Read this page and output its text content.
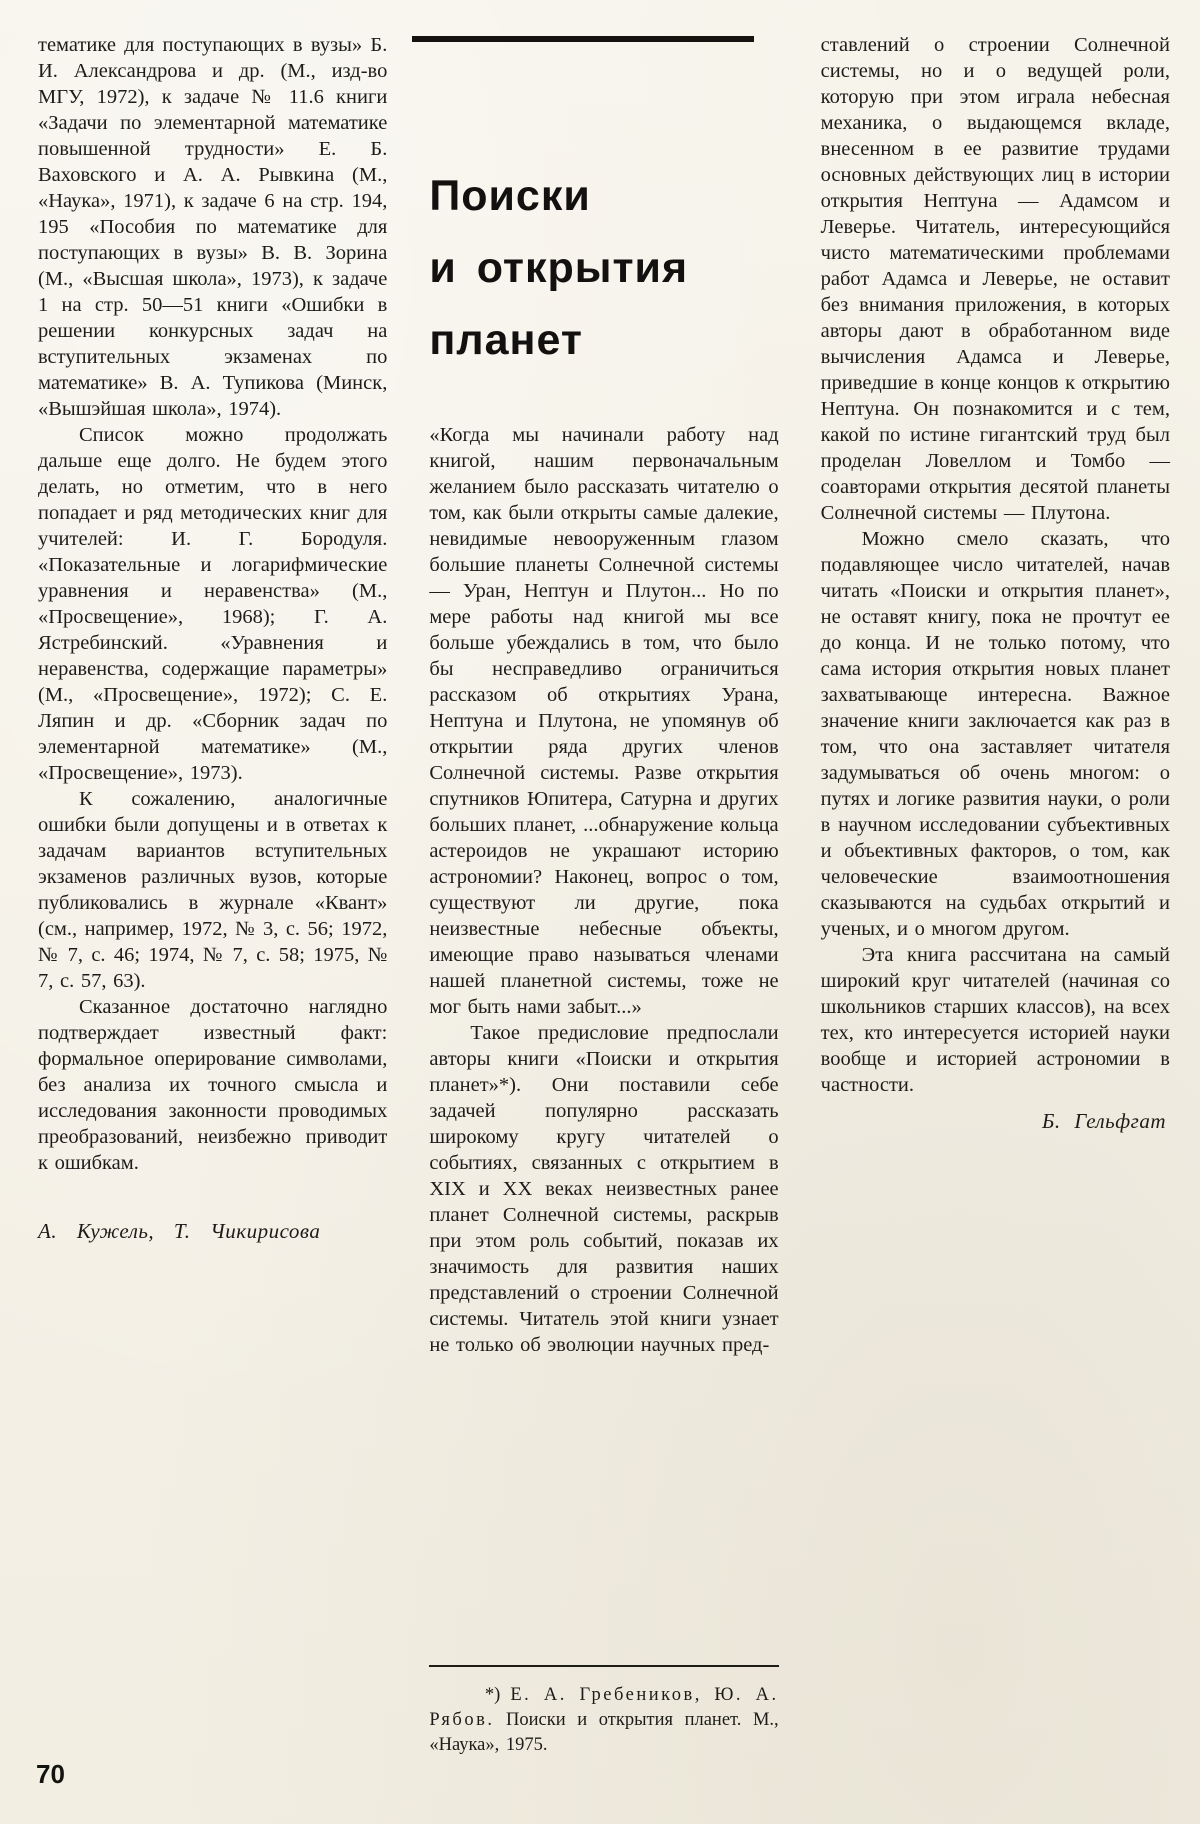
тематике для поступающих в вузы» Б. И. Александрова и др. (М., изд-во МГУ, 1972), к задаче № 11.6 книги «Задачи по элементарной математике повышенной трудности» Е. Б. Ваховского и А. А. Рывкина (М., «Наука», 1971), к задаче 6 на стр. 194, 195 «Пособия по математике для поступающих в вузы» В. В. Зорина (М., «Высшая школа», 1973), к задаче 1 на стр. 50—51 книги «Ошибки в решении конкурсных задач на вступительных экзаменах по математике» В. А. Тупикова (Минск, «Вышэйшая школа», 1974).

Список можно продолжать дальше еще долго. Не будем этого делать, но отметим, что в него попадает и ряд методических книг для учителей: И. Г. Бородуля. «Показательные и логарифмические уравнения и неравенства» (М., «Просвещение», 1968); Г. А. Ястребинский. «Уравнения и неравенства, содержащие параметры» (М., «Просвещение», 1972); С. Е. Ляпин и др. «Сборник задач по элементарной математике» (М., «Просвещение», 1973).

К сожалению, аналогичные ошибки были допущены и в ответах к задачам вариантов вступительных экзаменов различных вузов, которые публиковались в журнале «Квант» (см., например, 1972, № 3, с. 56; 1972, № 7, с. 46; 1974, № 7, с. 58; 1975, № 7, с. 57, 63).

Сказанное достаточно наглядно подтверждает известный факт: формальное оперирование символами, без анализа их точного смысла и исследования законности проводимых преобразований, неизбежно приводит к ошибкам.

А. Кужель, Т. Чикирисова
Поиски
и открытия
планет

«Когда мы начинали работу над книгой, нашим первоначальным желанием было рассказать читателю о том, как были открыты самые далекие, невидимые невооруженным глазом большие планеты Солнечной системы — Уран, Нептун и Плутон... Но по мере работы над книгой мы все больше убеждались в том, что было бы несправедливо ограничиться рассказом об открытиях Урана, Нептуна и Плутона, не упомянув об открытии ряда других членов Солнечной системы. Разве открытия спутников Юпитера, Сатурна и других больших планет, ...обнаружение кольца астероидов не украшают историю астрономии? Наконец, вопрос о том, существуют ли другие, пока неизвестные небесные объекты, имеющие право называться членами нашей планетной системы, тоже не мог быть нами забыт...»

Такое предисловие предпослали авторы книги «Поиски и открытия планет»*). Они поставили себе задачей популярно рассказать широкому кругу читателей о событиях, связанных с открытием в XIX и XX веках неизвестных ранее планет Солнечной системы, раскрыв при этом роль событий, показав их значимость для развития наших представлений о строении Солнечной системы. Читатель этой книги узнает не только об эволюции научных пред-

*) Е. А. Гребеников, Ю. А. Рябов. Поиски и открытия планет. М., «Наука», 1975.

ставлений о строении Солнечной системы, но и о ведущей роли, которую при этом играла небесная механика, о выдающемся вкладе, внесенном в ее развитие трудами основных действующих лиц в истории открытия Нептуна — Адамсом и Леверье. Читатель, интересующийся чисто математическими проблемами работ Адамса и Леверье, не оставит без внимания приложения, в которых авторы дают в обработанном виде вычисления Адамса и Леверье, приведшие в конце концов к открытию Нептуна. Он познакомится и с тем, какой по истине гигантский труд был проделан Ловеллом и Томбо — соавторами открытия десятой планеты Солнечной системы — Плутона.

Можно смело сказать, что подавляющее число читателей, начав читать «Поиски и открытия планет», не оставят книгу, пока не прочтут ее до конца. И не только потому, что сама история открытия новых планет захватывающе интересна. Важное значение книги заключается как раз в том, что она заставляет читателя задумываться об очень многом: о путях и логике развития науки, о роли в научном исследовании субъективных и объективных факторов, о том, как человеческие взаимоотношения сказываются на судьбах открытий и ученых, и о многом другом.

Эта книга рассчитана на самый широкий круг читателей (начиная со школьников старших классов), на всех тех, кто интересуется историей науки вообще и историей астрономии в частности.

Б. Гельфгат
70
